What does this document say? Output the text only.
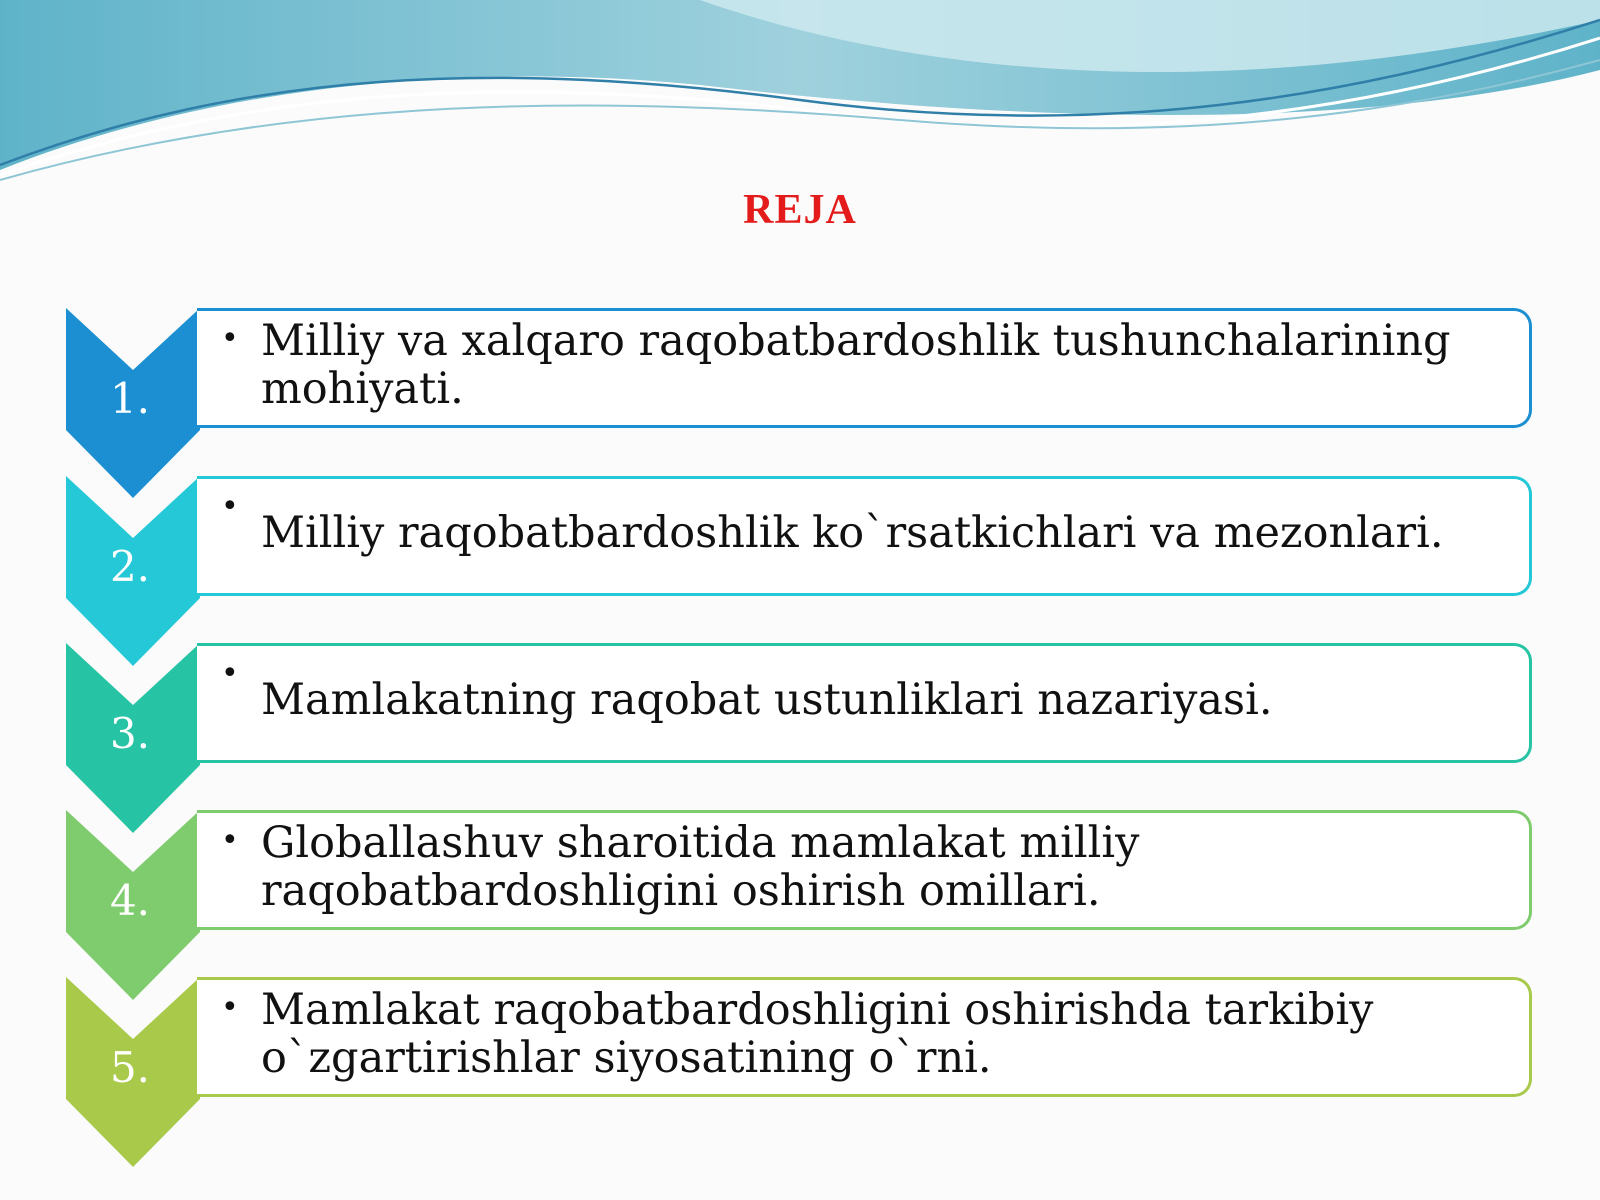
REJA
• Milliy va xalqaro raqobatbardoshlik tushunchalarining mohiyati.
1.
•
Milliy raqobatbardoshlik ko`rsatkichlari va mezonlari.
2.
•
Mamlakatning raqobat ustunliklari nazariyasi.
3.
• Globallashuv sharoitida mamlakat milliy raqobatbardoshligini oshirish omillari.
4.
• Mamlakat raqobatbardoshligini oshirishda tarkibiy o`zgartirishlar siyosatining o`rni.
5.
